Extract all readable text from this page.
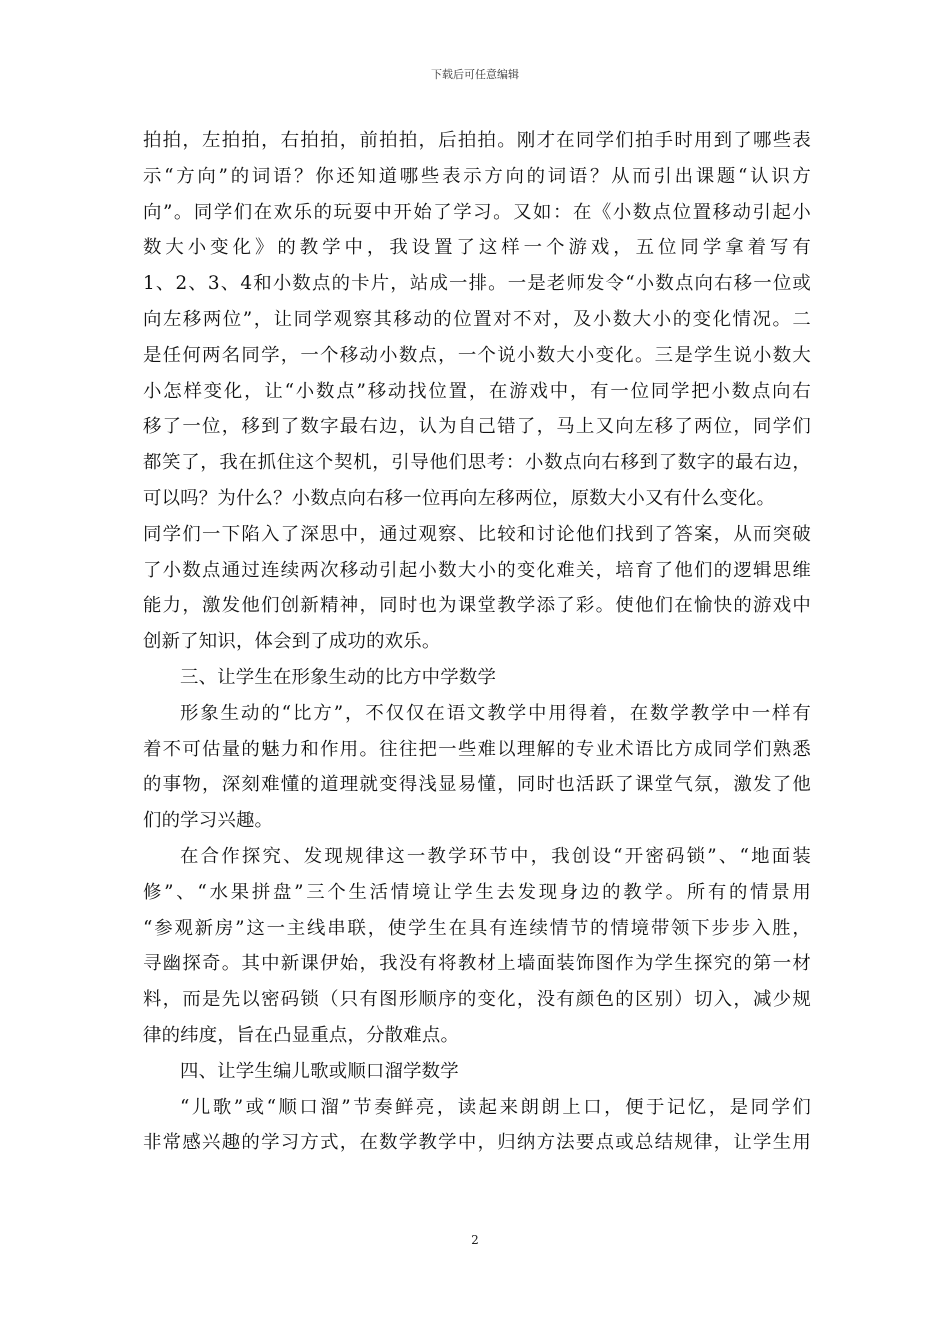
下载后可任意编辑
拍拍，左拍拍，右拍拍，前拍拍，后拍拍。刚才在同学们拍手时用到了哪些表
示“方向”的词语？你还知道哪些表示方向的词语？从而引出课题“认识方
向”。同学们在欢乐的玩耍中开始了学习。又如：在《小数点位置移动引起小
数大小变化》的教学中，我设置了这样一个游戏，五位同学拿着写有
1、2、3、4和小数点的卡片，站成一排。一是老师发令“小数点向右移一位或
向左移两位”，让同学观察其移动的位置对不对，及小数大小的变化情况。二
是任何两名同学，一个移动小数点，一个说小数大小变化。三是学生说小数大
小怎样变化，让“小数点”移动找位置，在游戏中，有一位同学把小数点向右
移了一位，移到了数字最右边，认为自己错了，马上又向左移了两位，同学们
都笑了，我在抓住这个契机，引导他们思考：小数点向右移到了数字的最右边，
可以吗？为什么？小数点向右移一位再向左移两位，原数大小又有什么变化。
同学们一下陷入了深思中，通过观察、比较和讨论他们找到了答案，从而突破
了小数点通过连续两次移动引起小数大小的变化难关，培育了他们的逻辑思维
能力，激发他们创新精神，同时也为课堂教学添了彩。使他们在愉快的游戏中
创新了知识，体会到了成功的欢乐。
三、让学生在形象生动的比方中学数学
形象生动的“比方”，不仅仅在语文教学中用得着，在数学教学中一样有
着不可估量的魅力和作用。往往把一些难以理解的专业术语比方成同学们熟悉
的事物，深刻难懂的道理就变得浅显易懂，同时也活跃了课堂气氛，激发了他
们的学习兴趣。
在合作探究、发现规律这一教学环节中，我创设“开密码锁”、“地面装
修”、“水果拼盘”三个生活情境让学生去发现身边的教学。所有的情景用
“参观新房”这一主线串联，使学生在具有连续情节的情境带领下步步入胜，
寻幽探奇。其中新课伊始，我没有将教材上墙面装饰图作为学生探究的第一材
料，而是先以密码锁（只有图形顺序的变化，没有颜色的区别）切入，减少规
律的纬度，旨在凸显重点，分散难点。
四、让学生编儿歌或顺口溜学数学
“儿歌”或“顺口溜”节奏鲜亮，读起来朗朗上口，便于记忆，是同学们
非常感兴趣的学习方式，在数学教学中，归纳方法要点或总结规律，让学生用
2
